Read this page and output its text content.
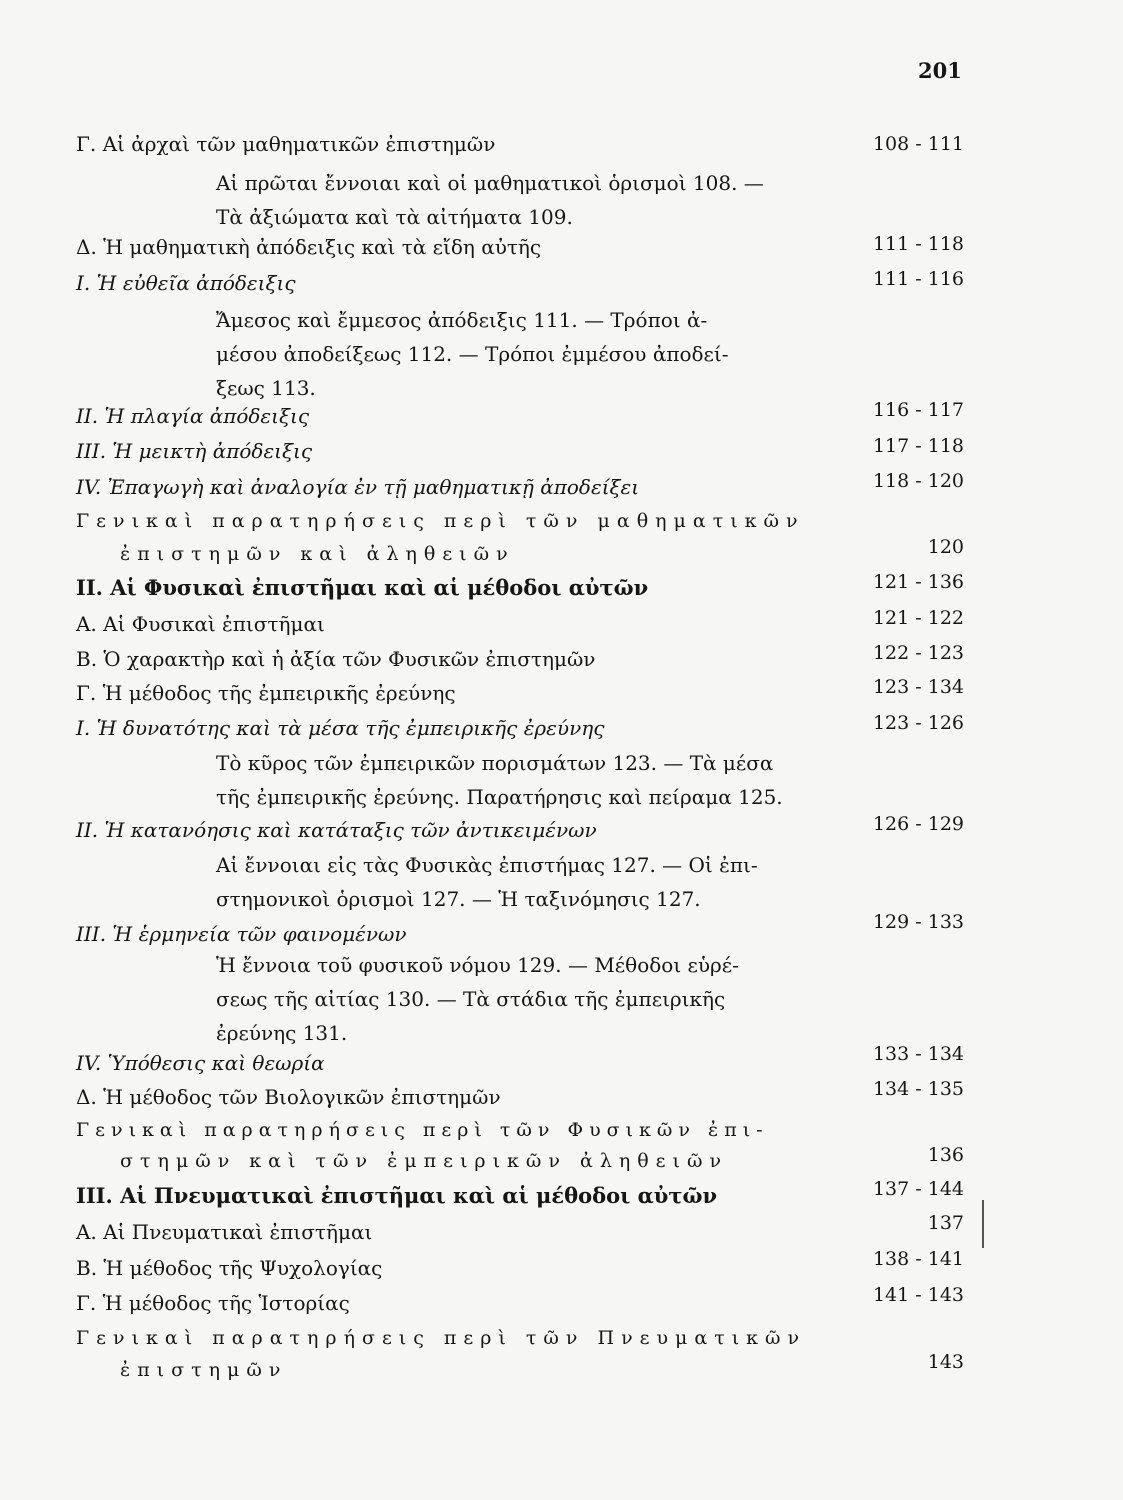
201
Γ. Αἱ ἀρχαὶ τῶν μαθηματικῶν ἐπιστημῶν	108 - 111
Αἱ πρῶται ἔννοιαι καὶ οἱ μαθηματικοὶ ὁρισμοὶ 108. —
Τὰ ἀξιώματα καὶ τὰ αἰτήματα 109.
Δ. Ἡ μαθηματικὴ ἀπόδειξις καὶ τὰ εἴδη αὐτῆς	111 - 118
I. Ἡ εὐθεῖα ἀπόδειξις	111 - 116
Ἄμεσος καὶ ἔμμεσος ἀπόδειξις 111. — Τρόποι ἀ-
μέσου ἀποδείξεως 112. — Τρόποι ἐμμέσου ἀποδεί-
ξεως 113.
II. Ἡ πλαγία ἀπόδειξις	116 - 117
III. Ἡ μεικτὴ ἀπόδειξις	117 - 118
IV. Ἐπαγωγὴ καὶ ἀναλογία ἐν τῇ μαθηματικῇ ἀποδείξει	118 - 120
Γενικαὶ παρατηρήσεις περὶ τῶν μαθηματικῶν
ἐπιστημῶν καὶ ἀληθειῶν	120
II. Αἱ Φυσικαὶ ἐπιστῆμαι καὶ αἱ μέθοδοι αὐτῶν	121 - 136
Α. Αἱ Φυσικαὶ ἐπιστῆμαι	121 - 122
Β. Ὁ χαρακτὴρ καὶ ἡ ἀξία τῶν Φυσικῶν ἐπιστημῶν	122 - 123
Γ. Ἡ μέθοδος τῆς ἐμπειρικῆς ἐρεύνης	123 - 134
I. Ἡ δυνατότης καὶ τὰ μέσα τῆς ἐμπειρικῆς ἐρεύνης	123 - 126
Τὸ κῦρος τῶν ἐμπειρικῶν πορισμάτων 123. — Τὰ μέσα
τῆς ἐμπειρικῆς ἐρεύνης. Παρατήρησις καὶ πείραμα 125.
II. Ἡ κατανόησις καὶ κατάταξις τῶν ἀντικειμένων	126 - 129
Αἱ ἔννοιαι εἰς τὰς Φυσικὰς ἐπιστήμας 127. — Οἱ ἐπι-
στημονικοὶ ὁρισμοὶ 127. — Ἡ ταξινόμησις 127.
III. Ἡ ἑρμηνεία τῶν φαινομένων	129 - 133
Ἡ ἔννοια τοῦ φυσικοῦ νόμου 129. — Μέθοδοι εὑρέ-
σεως τῆς αἰτίας 130. — Τὰ στάδια τῆς ἐμπειρικῆς
ἐρεύνης 131.
IV. Ὑπόθεσις καὶ θεωρία	133 - 134
Δ. Ἡ μέθοδος τῶν Βιολογικῶν ἐπιστημῶν	134 - 135
Γενικαὶ παρατηρήσεις περὶ τῶν Φυσικῶν ἐπι-
στημῶν καὶ τῶν ἐμπειρικῶν ἀληθειῶν	136
III. Αἱ Πνευματικαὶ ἐπιστῆμαι καὶ αἱ μέθοδοι αὐτῶν	137 - 144
Α. Αἱ Πνευματικαὶ ἐπιστῆμαι	137
Β. Ἡ μέθοδος τῆς Ψυχολογίας	138 - 141
Γ. Ἡ μέθοδος τῆς Ἱστορίας	141 - 143
Γενικαὶ παρατηρήσεις περὶ τῶν Πνευματικῶν
ἐπιστημῶν	143
